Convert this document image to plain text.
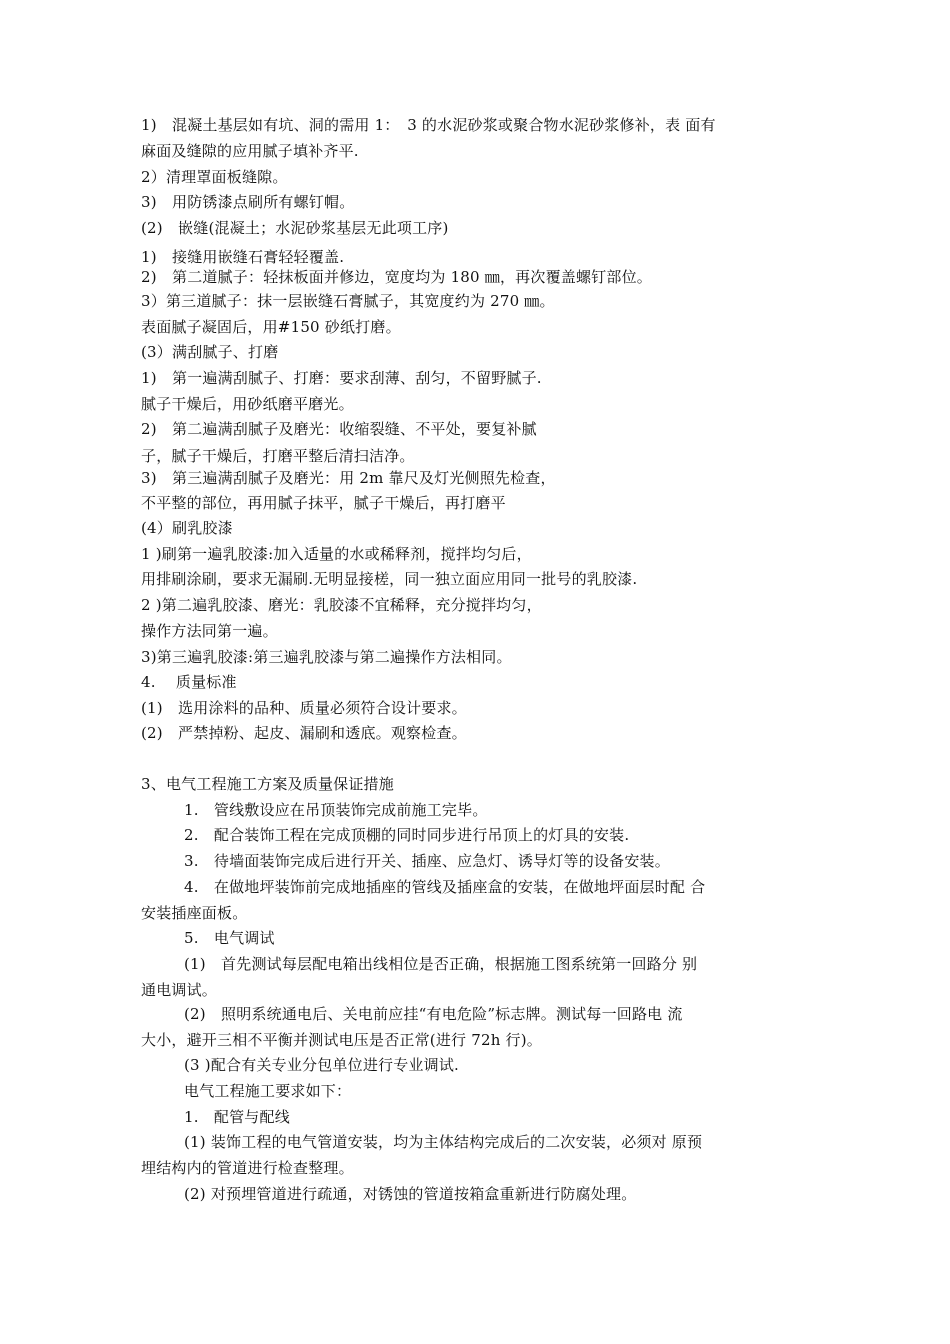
1)　混凝土基层如有坑、洞的需用 1：　3 的水泥砂浆或聚合物水泥砂浆修补，表 面有
麻面及缝隙的应用腻子填补齐平.
2）清理罩面板缝隙。
3)　用防锈漆点刷所有螺钉帽。
(2)　嵌缝(混凝土；水泥砂浆基层无此项工序)
1)　接缝用嵌缝石膏轻轻覆盖.
2)　第二道腻子：轻抹板面并修边，宽度均为 180 ㎜，再次覆盖螺钉部位。
3）第三道腻子：抹一层嵌缝石膏腻子，其宽度约为 270 ㎜。
表面腻子凝固后，用#150 砂纸打磨。
(3）满刮腻子、打磨
1)　第一遍满刮腻子、打磨：要求刮薄、刮匀，不留野腻子.
腻子干燥后，用砂纸磨平磨光。
2)　第二遍满刮腻子及磨光：收缩裂缝、不平处，要复补腻
子，腻子干燥后，打磨平整后清扫洁净。
3)　第三遍满刮腻子及磨光：用 2m 靠尺及灯光侧照先检查，
不平整的部位，再用腻子抹平，腻子干燥后，再打磨平
(4）刷乳胶漆
1 )刷第一遍乳胶漆:加入适量的水或稀释剂，搅拌均匀后，
用排刷涂刷，要求无漏刷.无明显接槎，同一独立面应用同一批号的乳胶漆.
2 )第二遍乳胶漆、磨光：乳胶漆不宜稀释，充分搅拌均匀，
操作方法同第一遍。
3)第三遍乳胶漆:第三遍乳胶漆与第二遍操作方法相同。
4.　 质量标准
(1)　选用涂料的品种、质量必须符合设计要求。
(2)　严禁掉粉、起皮、漏刷和透底。观察检查。
3、电气工程施工方案及质量保证措施
1.　管线敷设应在吊顶装饰完成前施工完毕。
2.　配合装饰工程在完成顶棚的同时同步进行吊顶上的灯具的安装.
3.　待墙面装饰完成后进行开关、插座、应急灯、诱导灯等的设备安装。
4.　在做地坪装饰前完成地插座的管线及插座盒的安装，在做地坪面层时配 合
安装插座面板。
5.　电气调试
(1)　首先测试每层配电箱出线相位是否正确，根据施工图系统第一回路分 别
通电调试。
(2)　照明系统通电后、关电前应挂“有电危险”标志牌。测试每一回路电 流
大小，避开三相不平衡并测试电压是否正常(进行 72h 行)。
(3 )配合有关专业分包单位进行专业调试.
电气工程施工要求如下：
1.　配管与配线
(1) 装饰工程的电气管道安装，均为主体结构完成后的二次安装，必须对 原预
埋结构内的管道进行检查整理。
(2) 对预埋管道进行疏通，对锈蚀的管道按箱盒重新进行防腐处理。
